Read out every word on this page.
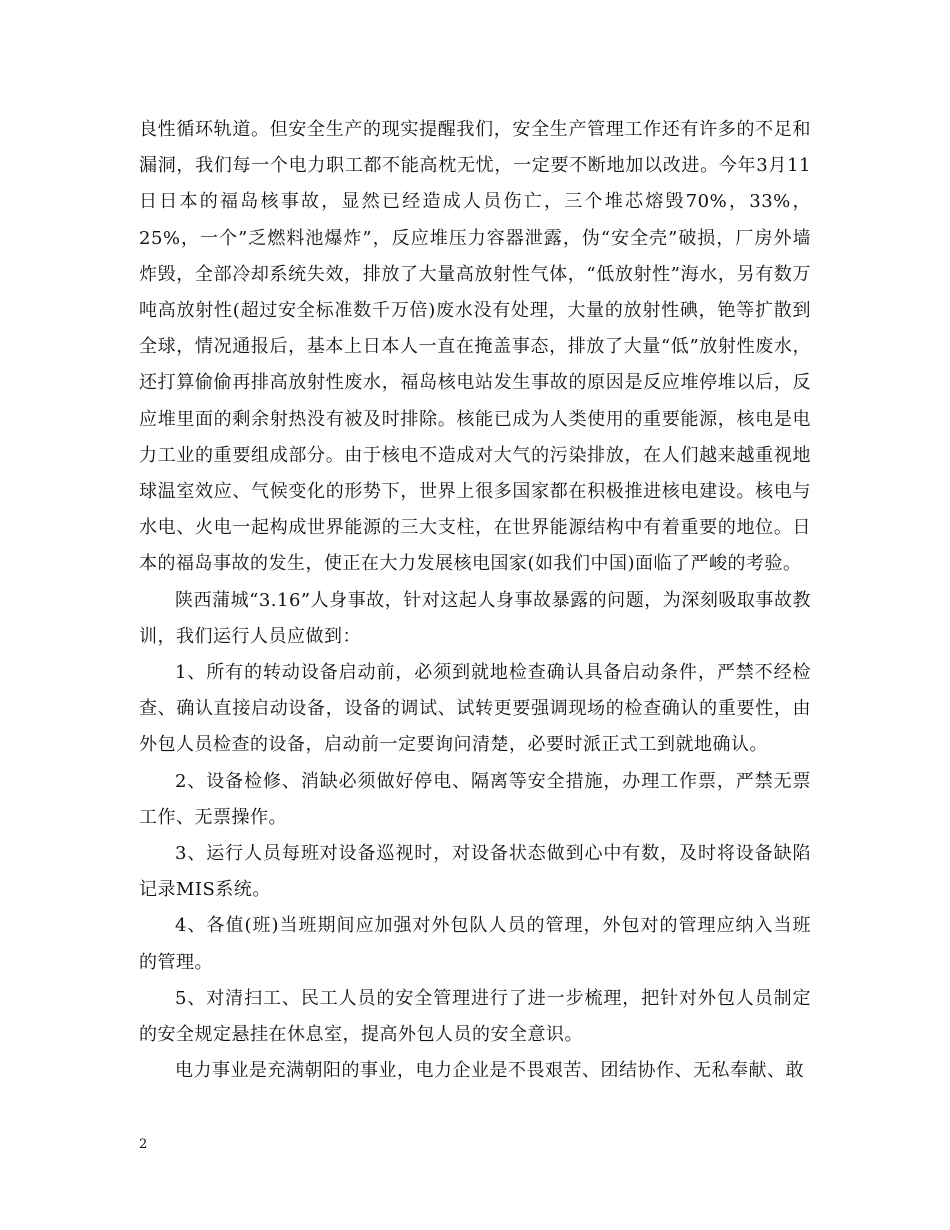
良性循环轨道。但安全生产的现实提醒我们，安全生产管理工作还有许多的不足和漏洞，我们每一个电力职工都不能高枕无忧，一定要不断地加以改进。今年3月11日日本的福岛核事故，显然已经造成人员伤亡，三个堆芯熔毁70%，33%，25%，一个”乏燃料池爆炸”，反应堆压力容器泄露，伪“安全壳”破损，厂房外墙炸毁，全部冷却系统失效，排放了大量高放射性气体，“低放射性”海水，另有数万吨高放射性(超过安全标准数千万倍)废水没有处理，大量的放射性碘，铯等扩散到全球，情况通报后，基本上日本人一直在掩盖事态，排放了大量“低”放射性废水，还打算偷偷再排高放射性废水，福岛核电站发生事故的原因是反应堆停堆以后，反应堆里面的剩余射热没有被及时排除。核能已成为人类使用的重要能源，核电是电力工业的重要组成部分。由于核电不造成对大气的污染排放，在人们越来越重视地球温室效应、气候变化的形势下，世界上很多国家都在积极推进核电建设。核电与水电、火电一起构成世界能源的三大支柱，在世界能源结构中有着重要的地位。日本的福岛事故的发生，使正在大力发展核电国家(如我们中国)面临了严峻的考验。

陕西蒲城“3.16”人身事故，针对这起人身事故暴露的问题，为深刻吸取事故教训，我们运行人员应做到：

1、所有的转动设备启动前，必须到就地检查确认具备启动条件，严禁不经检查、确认直接启动设备，设备的调试、试转更要强调现场的检查确认的重要性，由外包人员检查的设备，启动前一定要询问清楚，必要时派正式工到就地确认。

2、设备检修、消缺必须做好停电、隔离等安全措施，办理工作票，严禁无票工作、无票操作。

3、运行人员每班对设备巡视时，对设备状态做到心中有数，及时将设备缺陷记录MIS系统。

4、各值(班)当班期间应加强对外包队人员的管理，外包对的管理应纳入当班的管理。

5、对清扫工、民工人员的安全管理进行了进一步梳理，把针对外包人员制定的安全规定悬挂在休息室，提高外包人员的安全意识。

电力事业是充满朝阳的事业，电力企业是不畏艰苦、团结协作、无私奉献、敢

2
